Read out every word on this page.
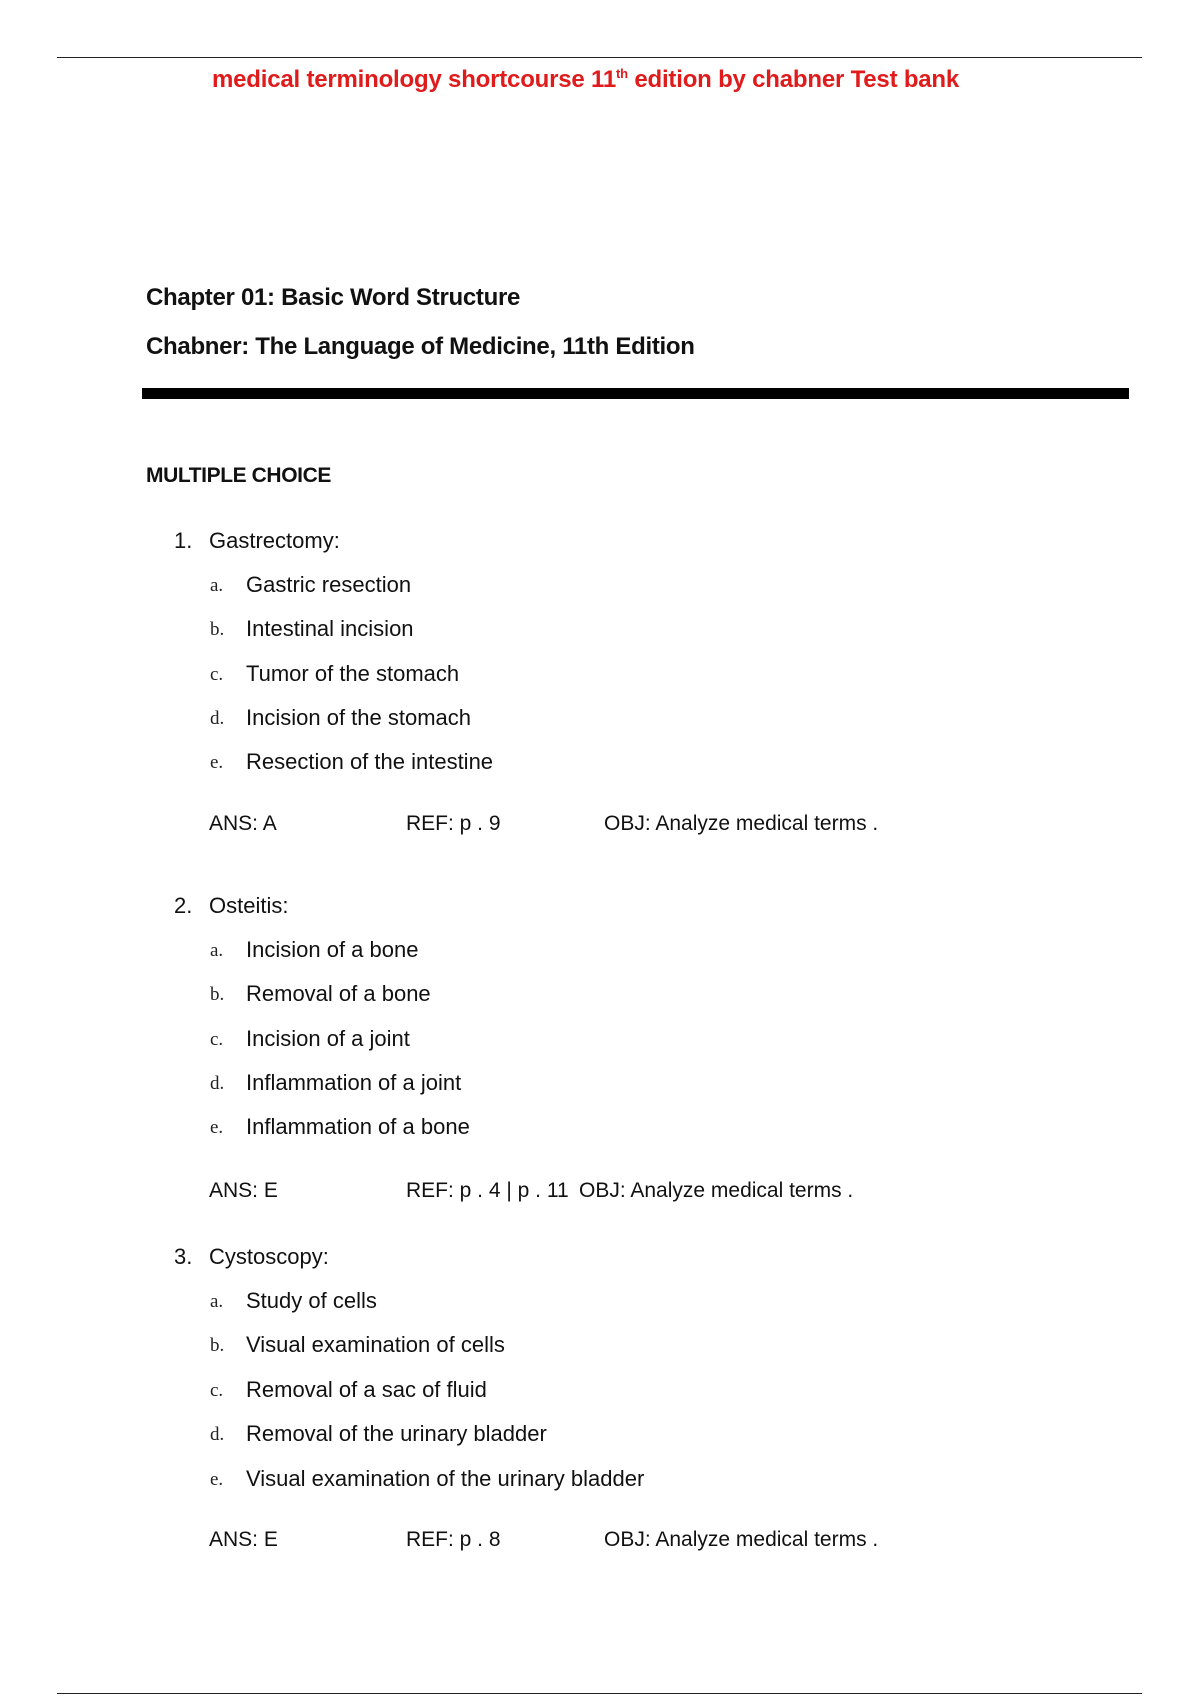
medical terminology shortcourse 11th edition by chabner Test bank
Chapter 01: Basic Word Structure
Chabner: The Language of Medicine, 11th Edition
MULTIPLE CHOICE
1. Gastrectomy:
a. Gastric resection
b. Intestinal incision
c. Tumor of the stomach
d. Incision of the stomach
e. Resection of the intestine
ANS: A	REF: p . 9	OBJ: Analyze medical terms .
2. Osteitis:
a. Incision of a bone
b. Removal of a bone
c. Incision of a joint
d. Inflammation of a joint
e. Inflammation of a bone
ANS: E	REF: p . 4 | p . 11 OBJ: Analyze medical terms .
3. Cystoscopy:
a. Study of cells
b. Visual examination of cells
c. Removal of a sac of fluid
d. Removal of the urinary bladder
e. Visual examination of the urinary bladder
ANS: E	REF: p . 8	OBJ: Analyze medical terms .
